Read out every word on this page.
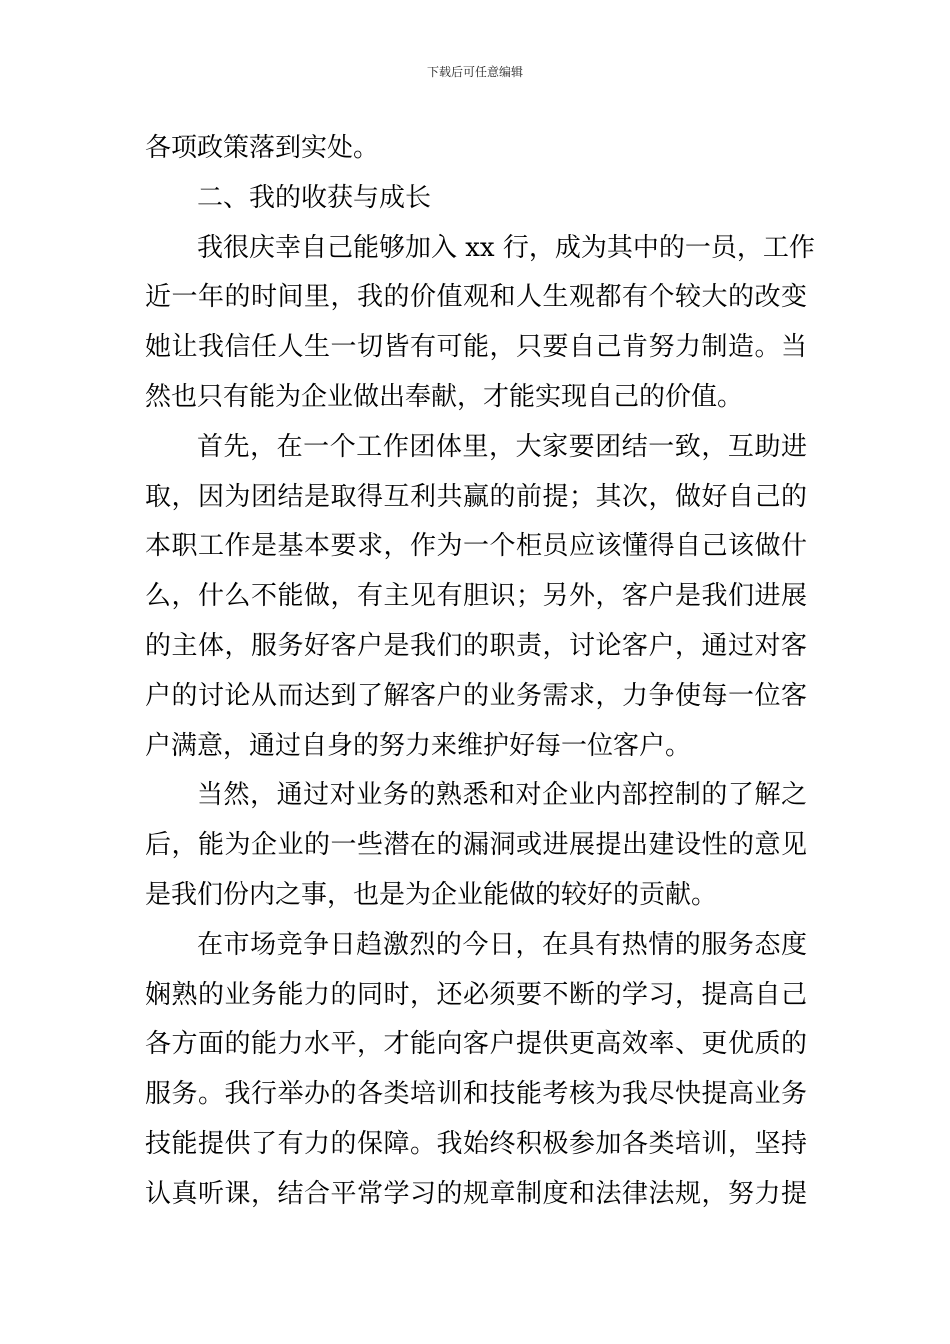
下载后可任意编辑
各项政策落到实处。
二、我的收获与成长
我很庆幸自己能够加入 xx 行，成为其中的一员，工作
近一年的时间里，我的价值观和人生观都有个较大的改变
她让我信任人生一切皆有可能，只要自己肯努力制造。当
然也只有能为企业做出奉献，才能实现自己的价值。
首先，在一个工作团体里，大家要团结一致，互助进
取，因为团结是取得互利共赢的前提；其次，做好自己的
本职工作是基本要求，作为一个柜员应该懂得自己该做什
么，什么不能做，有主见有胆识；另外，客户是我们进展
的主体，服务好客户是我们的职责，讨论客户，通过对客
户的讨论从而达到了解客户的业务需求，力争使每一位客
户满意，通过自身的努力来维护好每一位客户。
当然，通过对业务的熟悉和对企业内部控制的了解之
后，能为企业的一些潜在的漏洞或进展提出建设性的意见
是我们份内之事，也是为企业能做的较好的贡献。
在市场竞争日趋激烈的今日，在具有热情的服务态度
娴熟的业务能力的同时，还必须要不断的学习，提高自己
各方面的能力水平，才能向客户提供更高效率、更优质的
服务。我行举办的各类培训和技能考核为我尽快提高业务
技能提供了有力的保障。我始终积极参加各类培训，坚持
认真听课，结合平常学习的规章制度和法律法规，努力提
